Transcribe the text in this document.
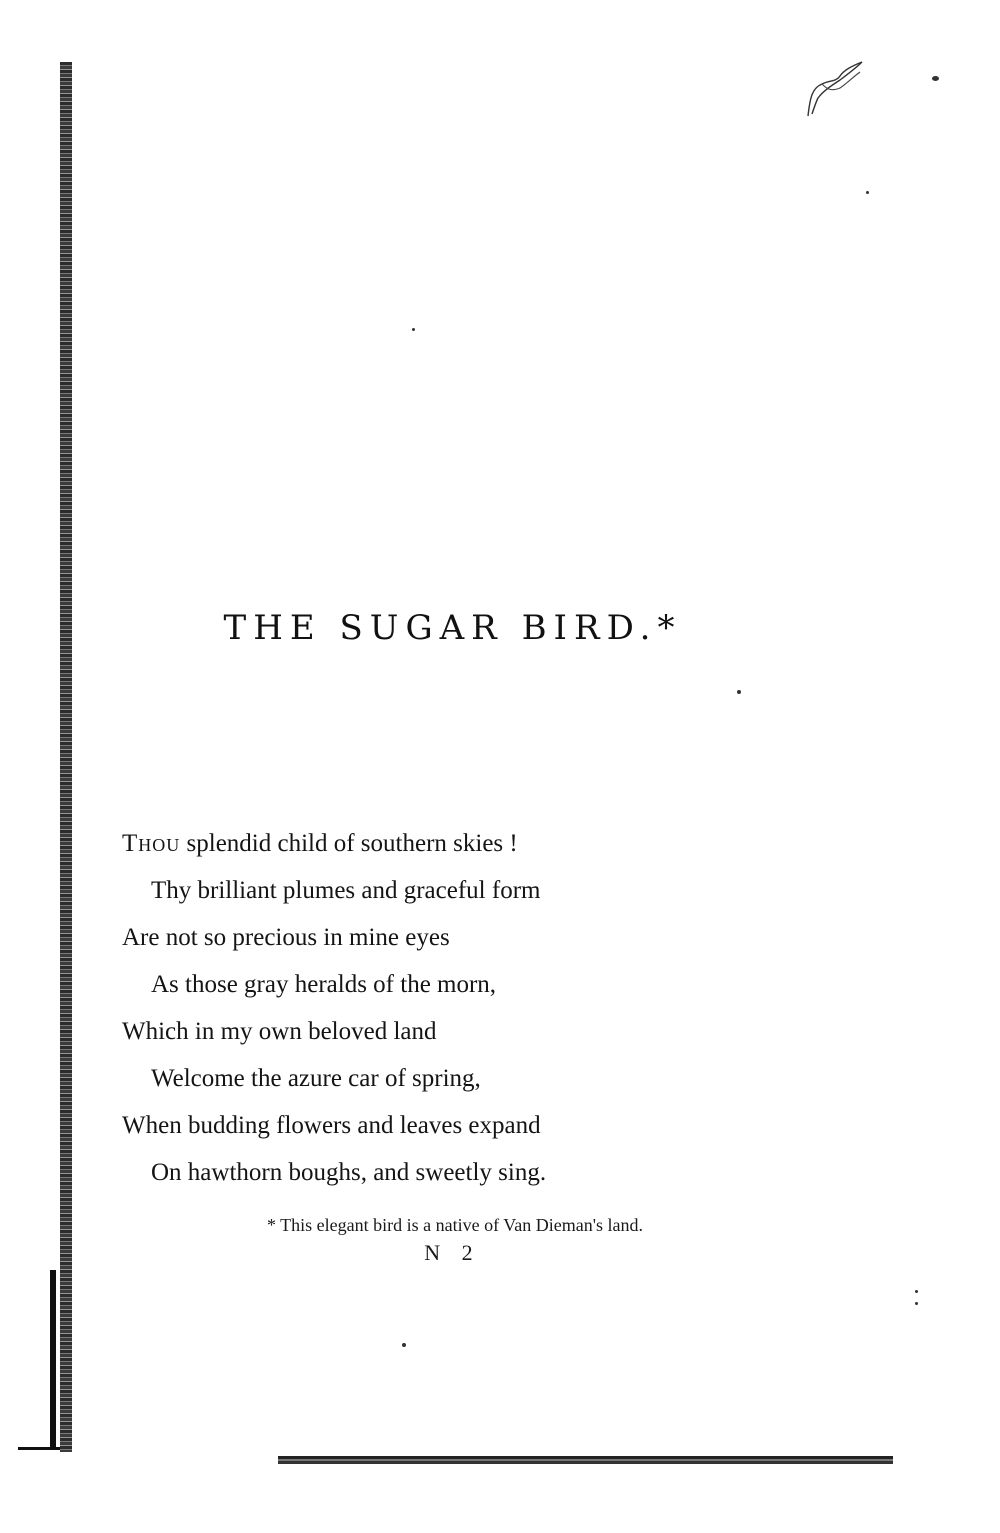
THE SUGAR BIRD.*
Thou splendid child of southern skies !
Thy brilliant plumes and graceful form
Are not so precious in mine eyes
As those gray heralds of the morn,
Which in my own beloved land
Welcome the azure car of spring,
When budding flowers and leaves expand
On hawthorn boughs, and sweetly sing.
* This elegant bird is a native of Van Dieman's land.
N 2
